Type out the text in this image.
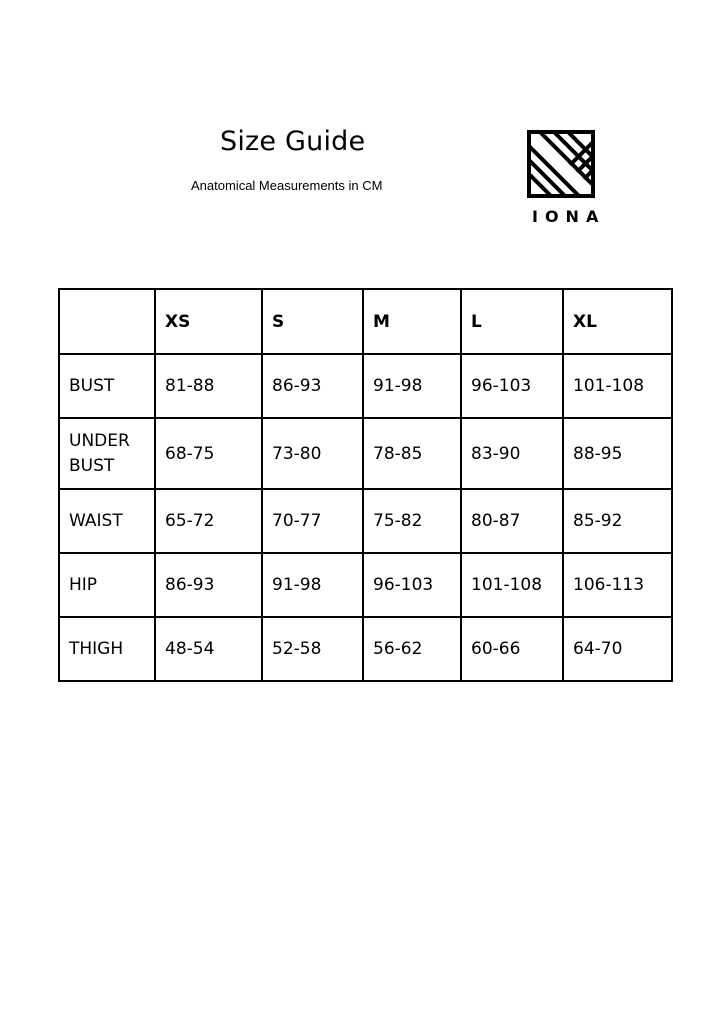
Size Guide

Anatomical Measurements in CM

IONA
	XS	S	M	L	XL
BUST	81-88	86-93	91-98	96-103	101-108
UNDER
BUST	68-75	73-80	78-85	83-90	88-95
WAIST	65-72	70-77	75-82	80-87	85-92
HIP	86-93	91-98	96-103	101-108	106-113
THIGH	48-54	52-58	56-62	60-66	64-70
